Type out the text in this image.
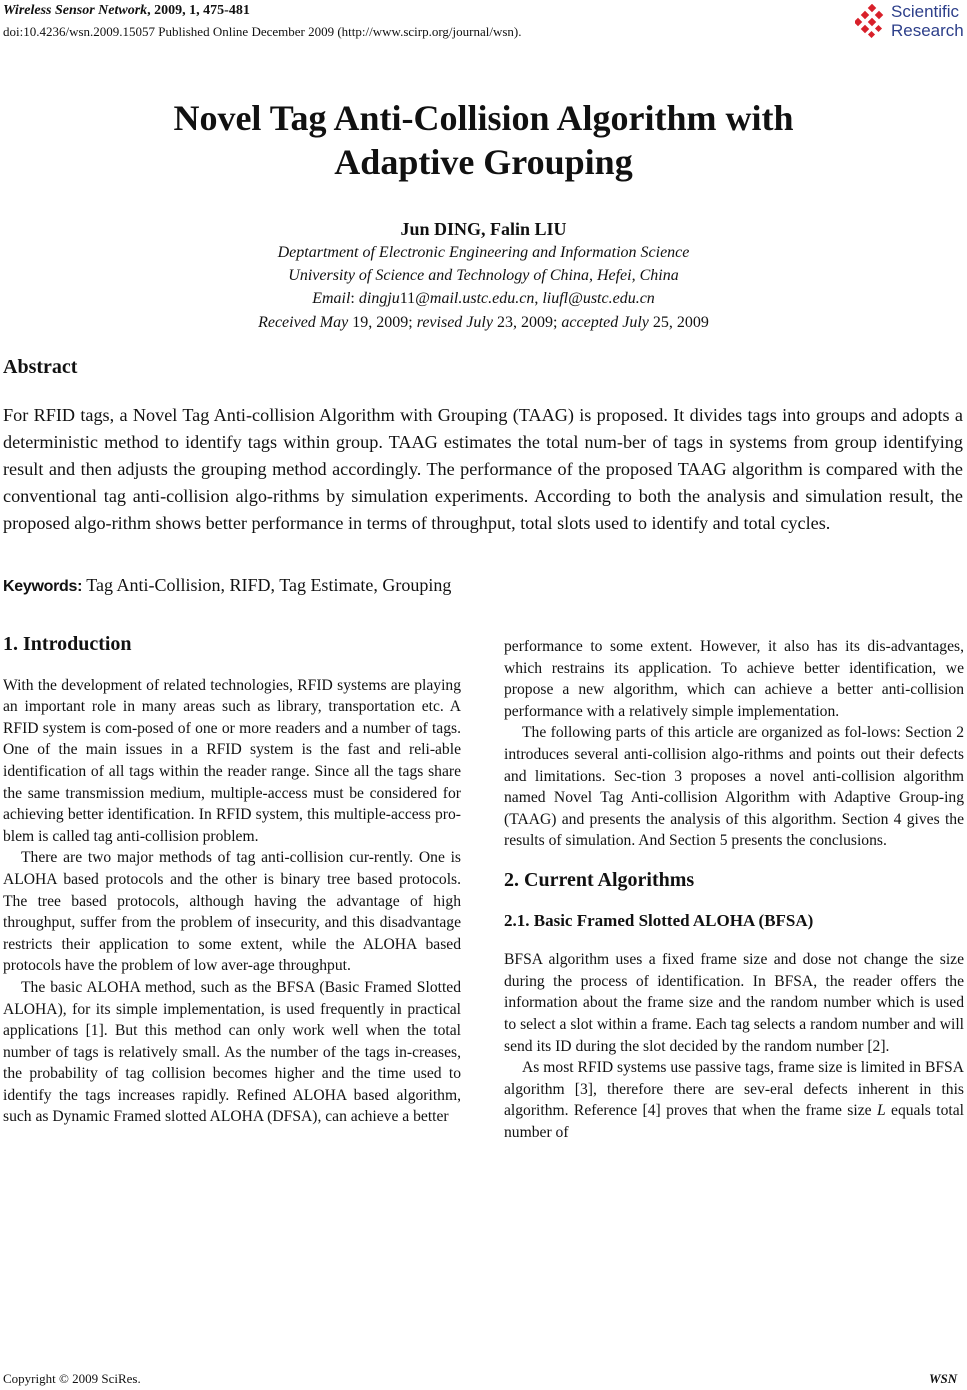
Wireless Sensor Network, 2009, 1, 475-481
doi:10.4236/wsn.2009.15057 Published Online December 2009 (http://www.scirp.org/journal/wsn).
Scientific
Research
Novel Tag Anti-Collision Algorithm with
Adaptive Grouping
Jun DING, Falin LIU
Deptartment of Electronic Engineering and Information Science
University of Science and Technology of China, Hefei, China
Email: dingju11@mail.ustc.edu.cn, liufl@ustc.edu.cn
Received May 19, 2009; revised July 23, 2009; accepted July 25, 2009
Abstract
For RFID tags, a Novel Tag Anti-collision Algorithm with Grouping (TAAG) is proposed. It divides tags into groups and adopts a deterministic method to identify tags within group. TAAG estimates the total num-ber of tags in systems from group identifying result and then adjusts the grouping method accordingly. The performance of the proposed TAAG algorithm is compared with the conventional tag anti-collision algo-rithms by simulation experiments. According to both the analysis and simulation result, the proposed algo-rithm shows better performance in terms of throughput, total slots used to identify and total cycles.
Keywords: Tag Anti-Collision, RIFD, Tag Estimate, Grouping
1. Introduction

With the development of related technologies, RFID systems are playing an important role in many areas such as library, transportation etc. A RFID system is com-posed of one or more readers and a number of tags. One of the main issues in a RFID system is the fast and reli-able identification of all tags within the reader range. Since all the tags share the same transmission medium, multiple-access must be considered for achieving better identification. In RFID system, this multiple-access pro-blem is called tag anti-collision problem.

There are two major methods of tag anti-collision cur-rently. One is ALOHA based protocols and the other is binary tree based protocols. The tree based protocols, although having the advantage of high throughput, suffer from the problem of insecurity, and this disadvantage restricts their application to some extent, while the ALOHA based protocols have the problem of low aver-age throughput.

The basic ALOHA method, such as the BFSA (Basic Framed Slotted ALOHA), for its simple implementation, is used frequently in practical applications [1]. But this method can only work well when the total number of tags is relatively small. As the number of the tags in-creases, the probability of tag collision becomes higher and the time used to identify the tags increases rapidly. Refined ALOHA based algorithm, such as Dynamic Framed slotted ALOHA (DFSA), can achieve a better

performance to some extent. However, it also has its dis-advantages, which restrains its application. To achieve better identification, we propose a new algorithm, which can achieve a better anti-collision performance with a relatively simple implementation.

The following parts of this article are organized as fol-lows: Section 2 introduces several anti-collision algo-rithms and points out their defects and limitations. Sec-tion 3 proposes a novel anti-collision algorithm named Novel Tag Anti-collision Algorithm with Adaptive Group-ing (TAAG) and presents the analysis of this algorithm. Section 4 gives the results of simulation. And Section 5 presents the conclusions.

2. Current Algorithms
2.1. Basic Framed Slotted ALOHA (BFSA)

BFSA algorithm uses a fixed frame size and dose not change the size during the process of identification. In BFSA, the reader offers the information about the frame size and the random number which is used to select a slot within a frame. Each tag selects a random number and will send its ID during the slot decided by the random number [2].

As most RFID systems use passive tags, frame size is limited in BFSA algorithm [3], therefore there are sev-eral defects inherent in this algorithm. Reference [4] proves that when the frame size L equals total number of

Copyright © 2009 SciRes.	WSN
